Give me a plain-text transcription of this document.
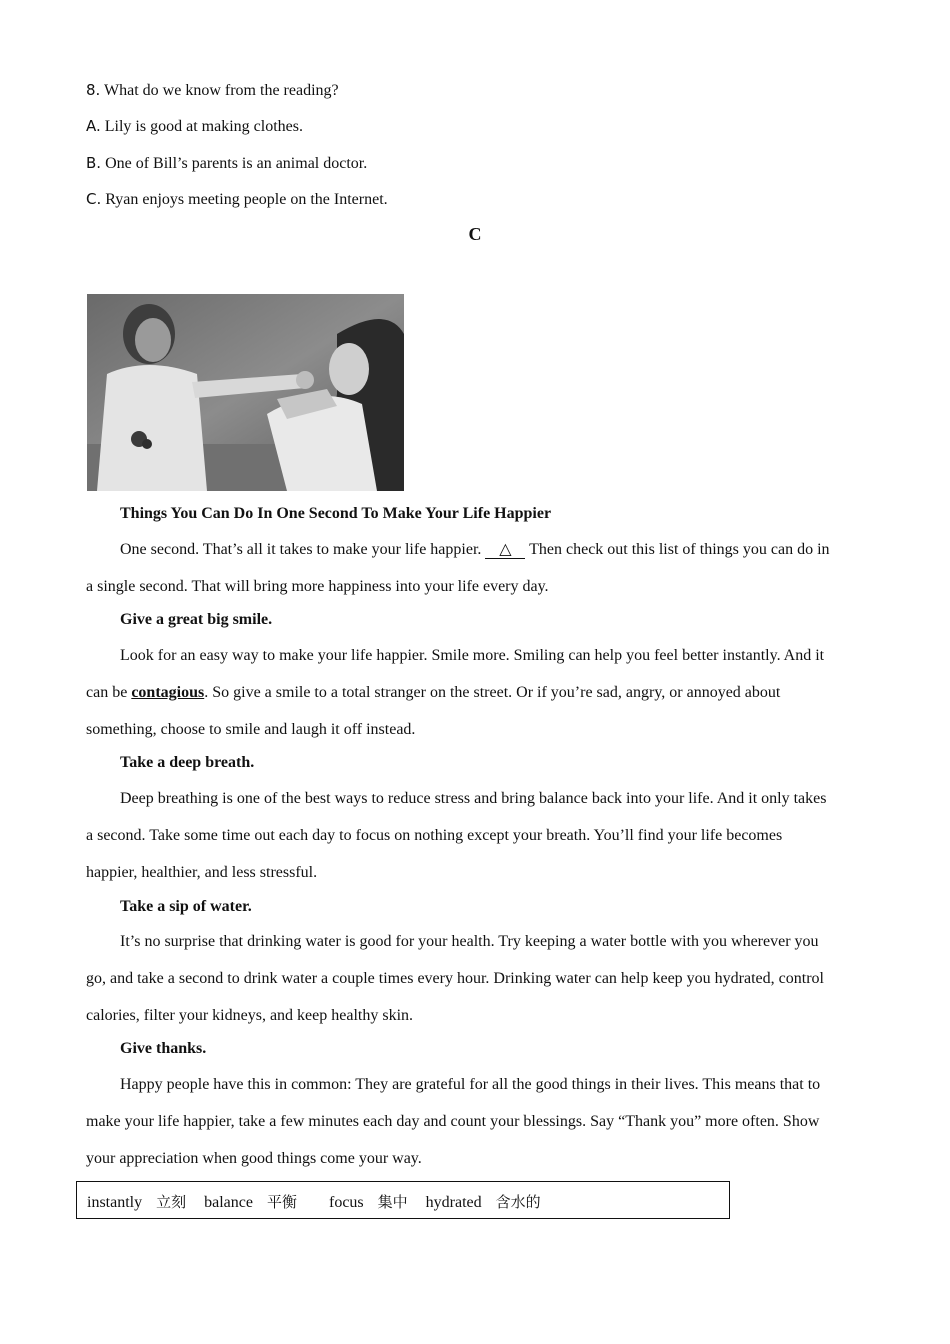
8. What do we know from the reading?
A. Lily is good at making clothes.
B. One of Bill’s parents is an animal doctor.
C. Ryan enjoys meeting people on the Internet.
C
Things You Can Do In One Second To Make Your Life Happier
One second. That’s all it takes to make your life happier. △ Then check out this list of things you can do in
a single second. That will bring more happiness into your life every day.
Give a great big smile.
Look for an easy way to make your life happier. Smile more. Smiling can help you feel better instantly. And it
can be contagious. So give a smile to a total stranger on the street. Or if you’re sad, angry, or annoyed about
something, choose to smile and laugh it off instead.
Take a deep breath.
Deep breathing is one of the best ways to reduce stress and bring balance back into your life. And it only takes
a second. Take some time out each day to focus on nothing except your breath. You’ll find your life becomes
happier, healthier, and less stressful.
Take a sip of water.
It’s no surprise that drinking water is good for your health. Try keeping a water bottle with you wherever you
go, and take a second to drink water a couple times every hour. Drinking water can help keep you hydrated, control
calories, filter your kidneys, and keep healthy skin.
Give thanks.
Happy people have this in common: They are grateful for all the good things in their lives. This means that to
make your life happier, take a few minutes each day and count your blessings. Say “Thank you” more often. Show
your appreciation when good things come your way.
instantly 立刻 balance 平衡 focus 集中 hydrated 含水的
